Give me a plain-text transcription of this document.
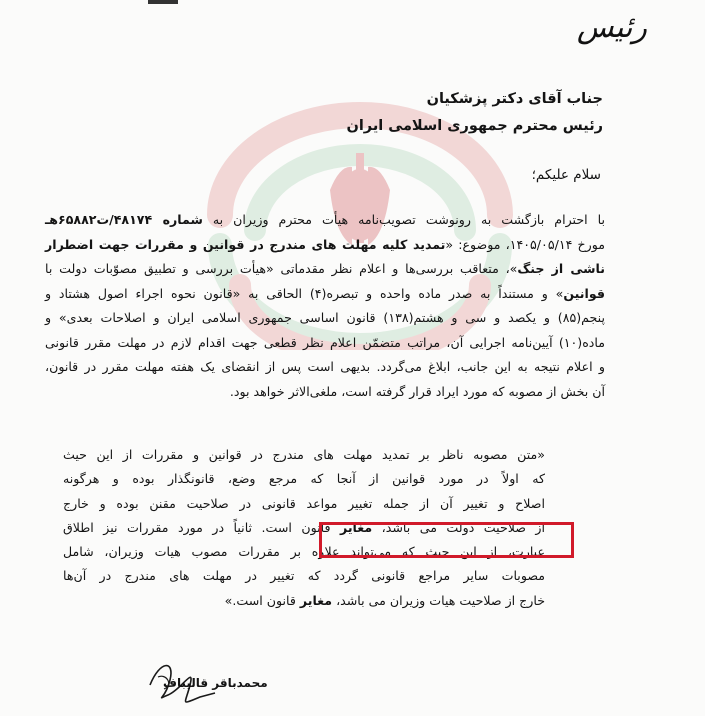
رئیس
جناب آقای دکتر پزشکیان
رئیس محترم جمهوری اسلامی ایران
سلام علیکم؛
با احترام بازگشت به رونوشت تصویب‌نامه هیأت محترم وزیران به شماره ۴۸۱۷۴/ت۶۵۸۸۲هـ
مورخ ۱۴۰۵/۰۵/۱۴، موضوع: «تمدید کلیه مهلت های مندرج در قوانین و مقررات جهت اضطرار
ناشی از جنگ»، متعاقب بررسی‌ها و اعلام نظر مقدماتی «هیأت بررسی و تطبیق مصوّبات دولت با
قوانین» و مستنداً به صدر ماده واحده و تبصره(۴) الحاقی به «قانون نحوه اجراء اصول هشتاد و
پنجم(۸۵) و یکصد و سی و هشتم(۱۳۸) قانون اساسی جمهوری اسلامی ایران و اصلاحات بعدی» و
ماده(۱۰) آیین‌نامه اجرایی آن، مراتب متضمّن اعلام نظر قطعی جهت اقدام لازم در مهلت مقرر قانونی
و اعلام نتیجه به این جانب، ابلاغ می‌گردد. بدیهی است پس از انقضای یک هفته مهلت مقرر در قانون،
آن بخش از مصوبه که مورد ایراد قرار گرفته است، ملغی‌الاثر خواهد بود.
«متن مصوبه ناظر بر تمدید مهلت های مندرج در قوانین و مقررات از این حیث
که اولاً در مورد قوانین از آنجا که مرجع وضع، قانونگذار بوده و هرگونه
اصلاح و تغییر آن از جمله تغییر مواعد قانونی در صلاحیت مقنن بوده و خارج
از صلاحیت دولت می باشد، مغایر قانون است. ثانیاً در مورد مقررات نیز اطلاق
عبارت، از این حیث که می‌تواند علاوه بر مقررات مصوب هیات وزیران، شامل
مصوبات سایر مراجع قانونی گردد که تغییر در مهلت های مندرج در آن‌ها
خارج از صلاحیت هیات وزیران می باشد، مغایر قانون است.»
محمدباقر قالیباف
